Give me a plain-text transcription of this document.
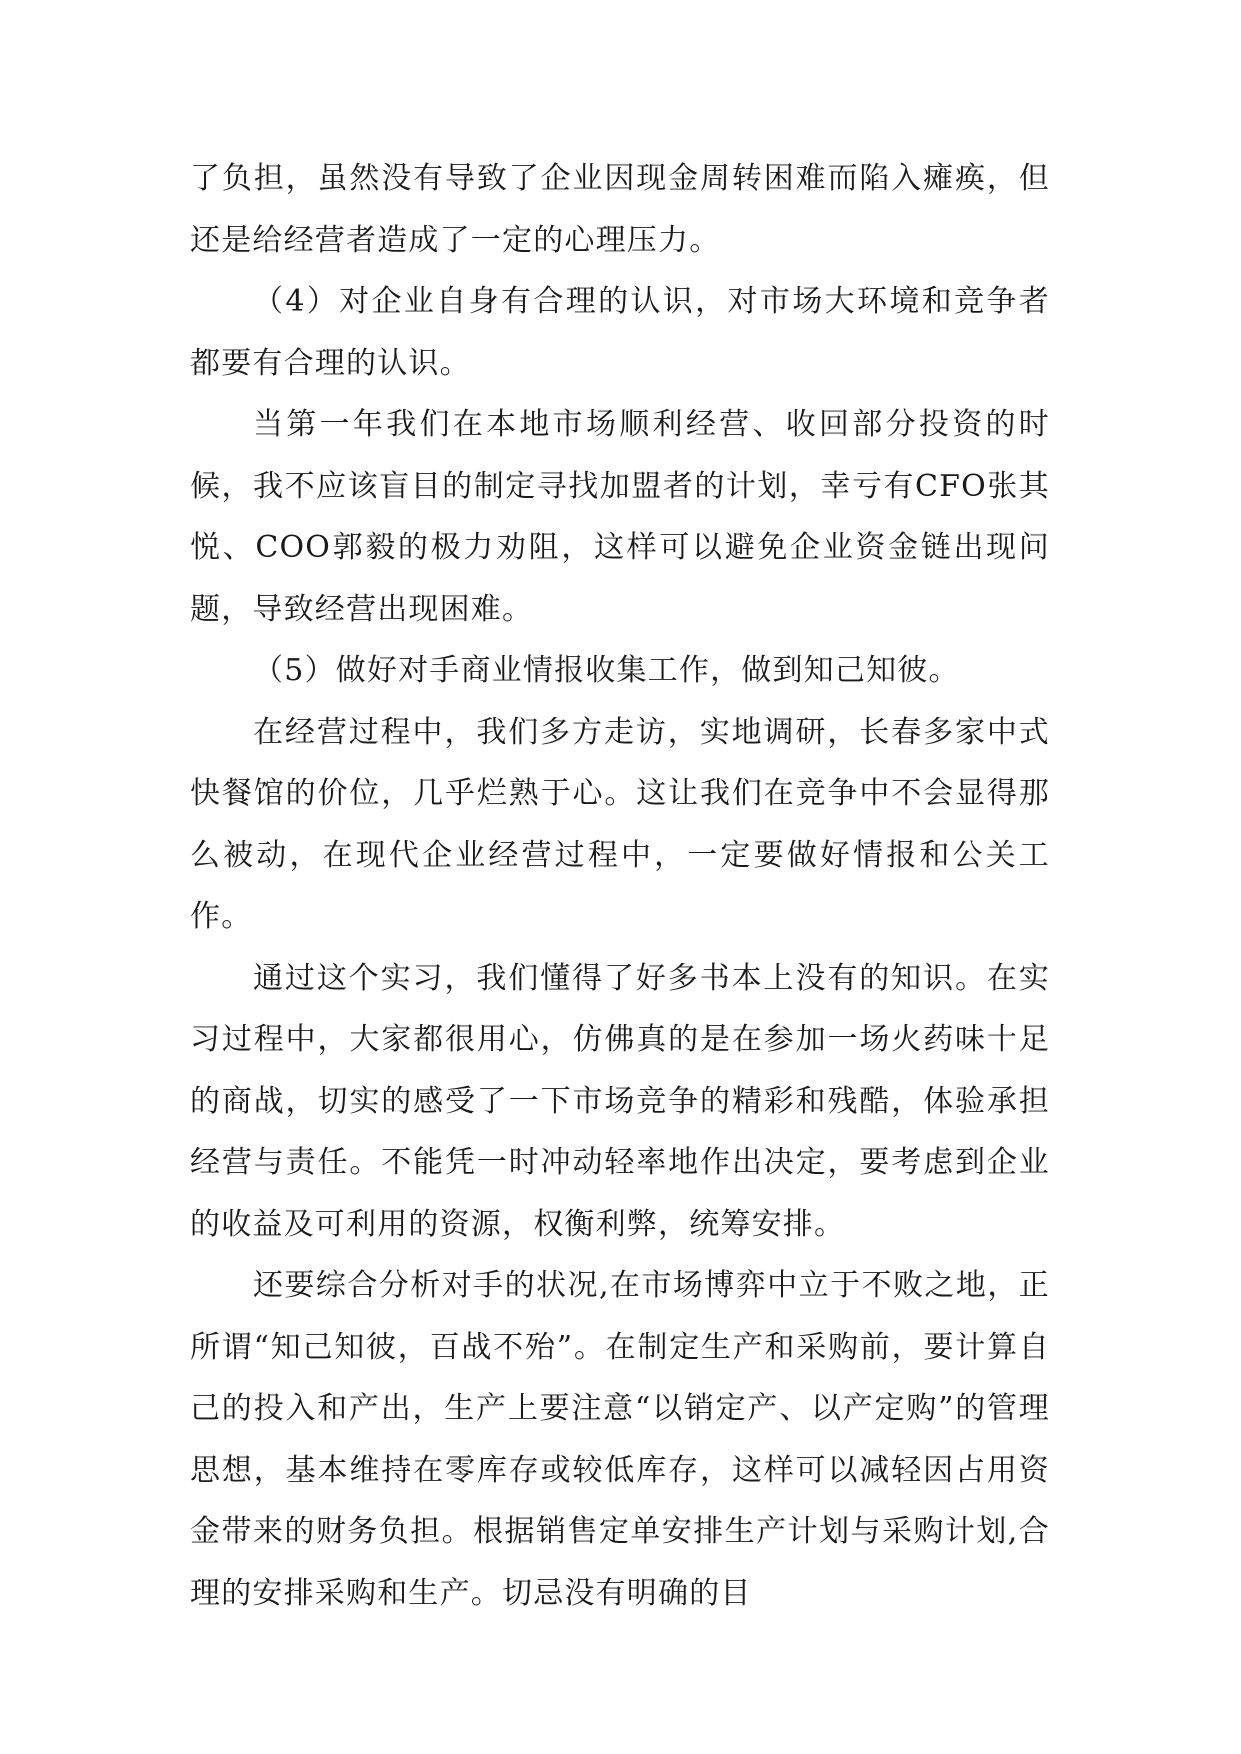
了负担，虽然没有导致了企业因现金周转困难而陷入瘫痪，但还是给经营者造成了一定的心理压力。

（4）对企业自身有合理的认识，对市场大环境和竞争者都要有合理的认识。

当第一年我们在本地市场顺利经营、收回部分投资的时候，我不应该盲目的制定寻找加盟者的计划，幸亏有CFO张其悦、COO郭毅的极力劝阻，这样可以避免企业资金链出现问题，导致经营出现困难。

（5）做好对手商业情报收集工作，做到知己知彼。

在经营过程中，我们多方走访，实地调研，长春多家中式快餐馆的价位，几乎烂熟于心。这让我们在竞争中不会显得那么被动，在现代企业经营过程中，一定要做好情报和公关工作。

通过这个实习，我们懂得了好多书本上没有的知识。在实习过程中，大家都很用心，仿佛真的是在参加一场火药味十足的商战，切实的感受了一下市场竞争的精彩和残酷，体验承担经营与责任。不能凭一时冲动轻率地作出决定，要考虑到企业的收益及可利用的资源，权衡利弊，统筹安排。

还要综合分析对手的状况,在市场博弈中立于不败之地，正所谓“知己知彼，百战不殆”。在制定生产和采购前，要计算自己的投入和产出，生产上要注意“以销定产、以产定购”的管理思想，基本维持在零库存或较低库存，这样可以减轻因占用资金带来的财务负担。根据销售定单安排生产计划与采购计划,合理的安排采购和生产。切忌没有明确的目
